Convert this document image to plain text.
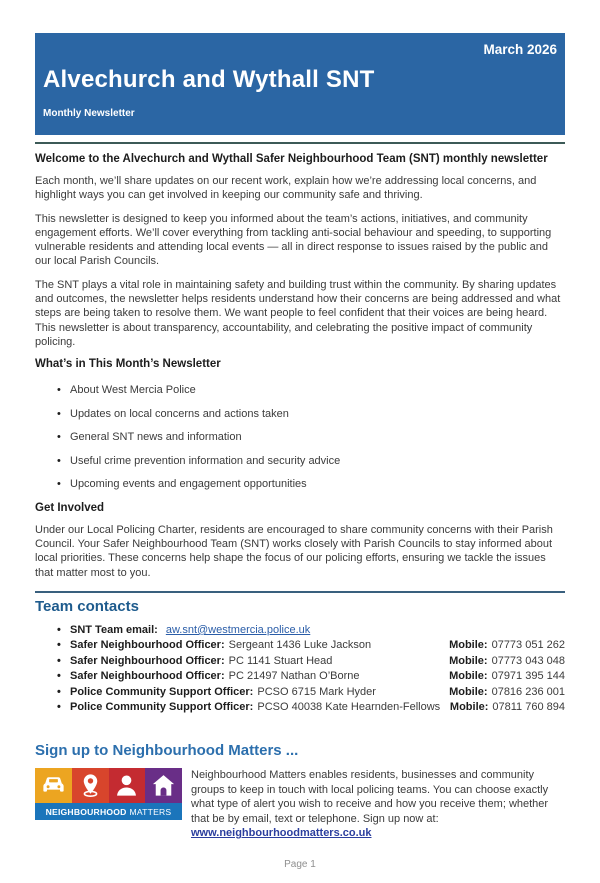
March 2026
Alvechurch and Wythall SNT
Monthly Newsletter
Welcome to the Alvechurch and Wythall Safer Neighbourhood Team (SNT) monthly newsletter

Each month, we’ll share updates on our recent work, explain how we’re addressing local concerns, and highlight ways you can get involved in keeping our community safe and thriving.

This newsletter is designed to keep you informed about the team’s actions, initiatives, and community engagement efforts. We’ll cover everything from tackling anti-social behaviour and speeding, to supporting vulnerable residents and attending local events — all in direct response to issues raised by the public and our local Parish Councils.

The SNT plays a vital role in maintaining safety and building trust within the community. By sharing updates and outcomes, the newsletter helps residents understand how their concerns are being addressed and what steps are being taken to resolve them. We want people to feel confident that their voices are being heard. This newsletter is about transparency, accountability, and celebrating the positive impact of community policing.

What’s in This Month’s Newsletter
• About West Mercia Police
• Updates on local concerns and actions taken
• General SNT news and information
• Useful crime prevention information and security advice
• Upcoming events and engagement opportunities
Get Involved

Under our Local Policing Charter, residents are encouraged to share community concerns with their Parish Council. Your Safer Neighbourhood Team (SNT) works closely with Parish Councils to stay informed about local priorities. These concerns help shape the focus of our policing efforts, ensuring we tackle the issues that matter most to you.

Team contacts
• SNT Team email: aw.snt@westmercia.police.uk
• Safer Neighbourhood Officer: Sergeant 1436 Luke Jackson	Mobile: 07773 051 262
• Safer Neighbourhood Officer: PC 1141 Stuart Head	Mobile: 07773 043 048
• Safer Neighbourhood Officer: PC 21497 Nathan O’Borne	Mobile: 07971 395 144
• Police Community Support Officer: PCSO 6715 Mark Hyder	Mobile: 07816 236 001
• Police Community Support Officer: PCSO 40038 Kate Hearnden-Fellows Mobile: 07811 760 894
Sign up to Neighbourhood Matters ...
NEIGHBOURHOOD MATTERS

Neighbourhood Matters enables residents, businesses and community groups to keep in touch with local policing teams. You can choose exactly what type of alert you wish to receive and how you receive them; whether that be by email, text or telephone. Sign up now at: www.neighbourhoodmatters.co.uk

Page 1
